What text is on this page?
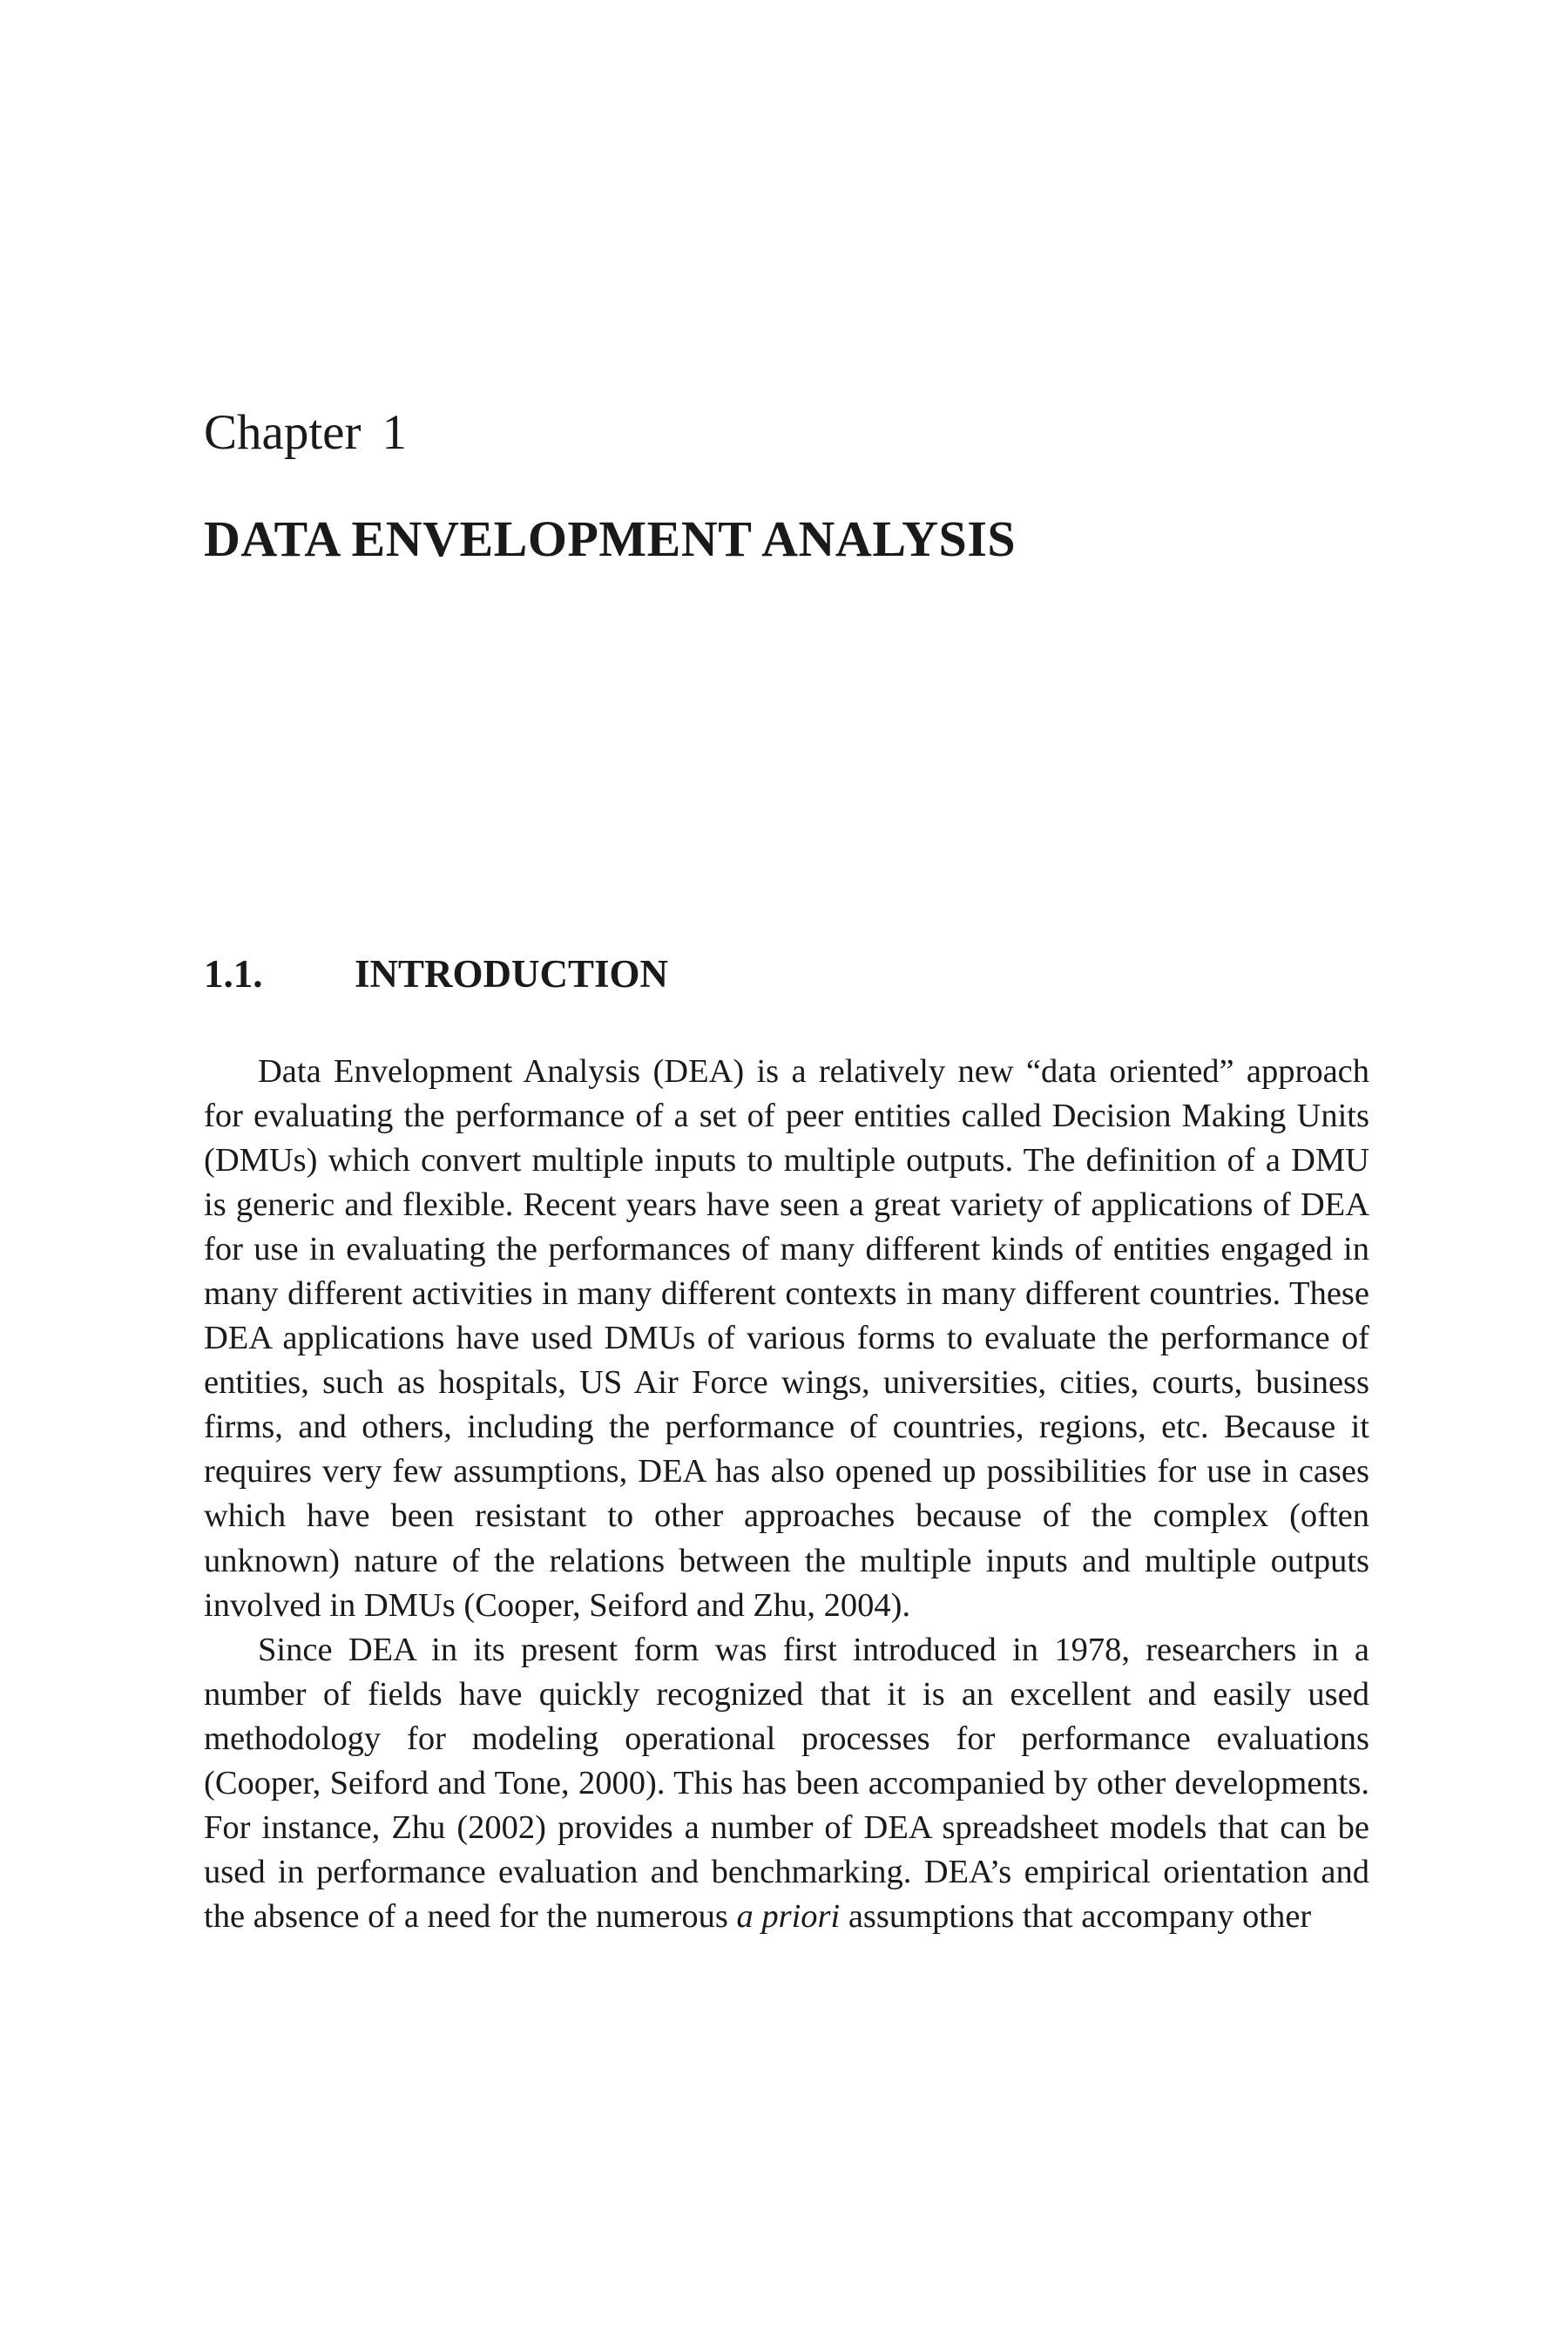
Chapter 1
DATA ENVELOPMENT ANALYSIS
1.1. INTRODUCTION

Data Envelopment Analysis (DEA) is a relatively new “data oriented” approach for evaluating the performance of a set of peer entities called Decision Making Units (DMUs) which convert multiple inputs to multiple outputs. The definition of a DMU is generic and flexible. Recent years have seen a great variety of applications of DEA for use in evaluating the performances of many different kinds of entities engaged in many different activities in many different contexts in many different countries. These DEA applications have used DMUs of various forms to evaluate the performance of entities, such as hospitals, US Air Force wings, universities, cities, courts, business firms, and others, including the performance of countries, regions, etc. Because it requires very few assumptions, DEA has also opened up possibilities for use in cases which have been resistant to other approaches because of the complex (often unknown) nature of the relations between the multiple inputs and multiple outputs involved in DMUs (Cooper, Seiford and Zhu, 2004).

Since DEA in its present form was first introduced in 1978, researchers in a number of fields have quickly recognized that it is an excellent and easily used methodology for modeling operational processes for performance evaluations (Cooper, Seiford and Tone, 2000). This has been accompanied by other developments. For instance, Zhu (2002) provides a number of DEA spreadsheet models that can be used in performance evaluation and benchmarking. DEA’s empirical orientation and the absence of a need for the numerous a priori assumptions that accompany other
